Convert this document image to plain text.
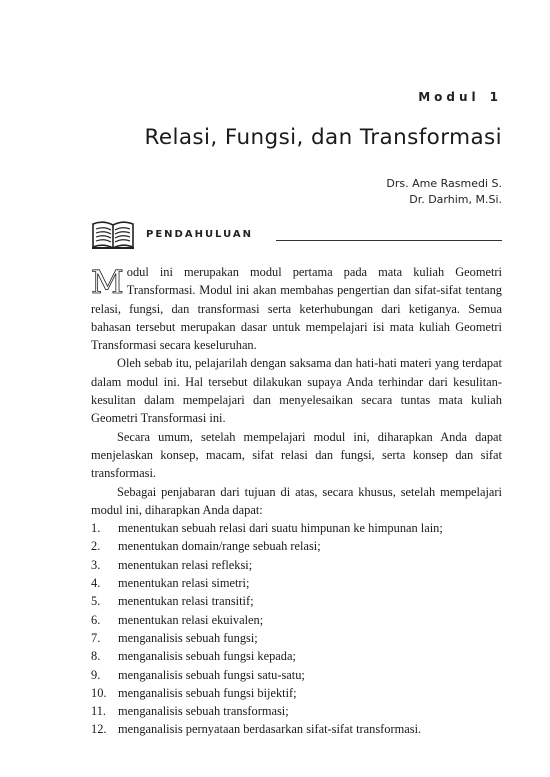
Modul 1
Relasi, Fungsi, dan Transformasi
Drs. Ame Rasmedi S.
Dr. Darhim, M.Si.
PENDAHULUAN

Modul ini merupakan modul pertama pada mata kuliah Geometri Transformasi. Modul ini akan membahas pengertian dan sifat-sifat tentang relasi, fungsi, dan transformasi serta keterhubungan dari ketiganya. Semua bahasan tersebut merupakan dasar untuk mempelajari isi mata kuliah Geometri Transformasi secara keseluruhan.

Oleh sebab itu, pelajarilah dengan saksama dan hati-hati materi yang terdapat dalam modul ini. Hal tersebut dilakukan supaya Anda terhindar dari kesulitan-kesulitan dalam mempelajari dan menyelesaikan secara tuntas mata kuliah Geometri Transformasi ini.

Secara umum, setelah mempelajari modul ini, diharapkan Anda dapat menjelaskan konsep, macam, sifat relasi dan fungsi, serta konsep dan sifat transformasi.

Sebagai penjabaran dari tujuan di atas, secara khusus, setelah mempelajari modul ini, diharapkan Anda dapat:

1. menentukan sebuah relasi dari suatu himpunan ke himpunan lain;
2. menentukan domain/range sebuah relasi;
3. menentukan relasi refleksi;
4. menentukan relasi simetri;
5. menentukan relasi transitif;
6. menentukan relasi ekuivalen;
7. menganalisis sebuah fungsi;
8. menganalisis sebuah fungsi kepada;
9. menganalisis sebuah fungsi satu-satu;
10. menganalisis sebuah fungsi bijektif;
11. menganalisis sebuah transformasi;
12. menganalisis pernyataan berdasarkan sifat-sifat transformasi.
